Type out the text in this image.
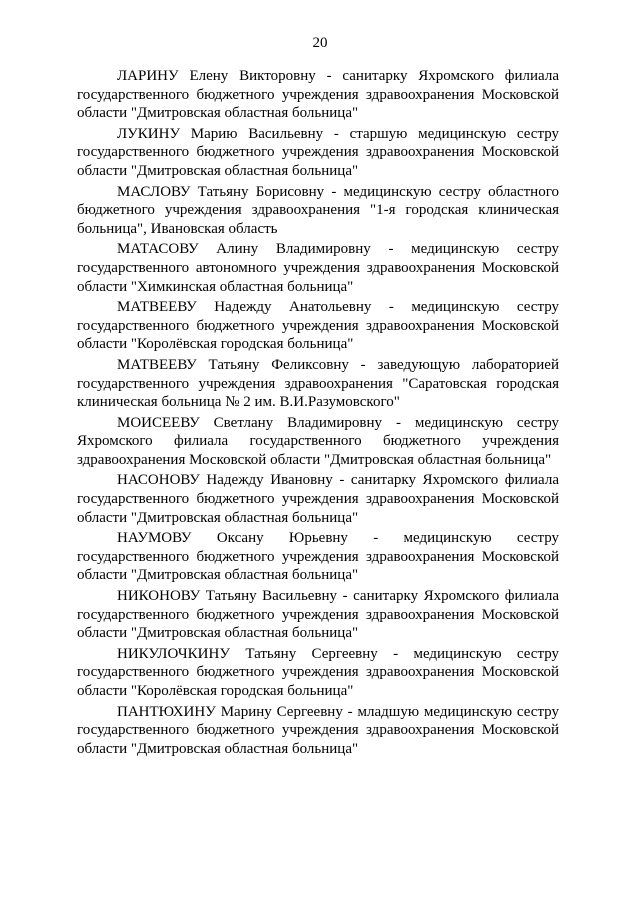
20

ЛАРИНУ Елену Викторовну - санитарку Яхромского филиала государственного бюджетного учреждения здравоохранения Московской области "Дмитровская областная больница"

ЛУКИНУ Марию Васильевну - старшую медицинскую сестру государственного бюджетного учреждения здравоохранения Московской области "Дмитровская областная больница"

МАСЛОВУ Татьяну Борисовну - медицинскую сестру областного бюджетного учреждения здравоохранения "1-я городская клиническая больница", Ивановская область

МАТАСОВУ Алину Владимировну - медицинскую сестру государственного автономного учреждения здравоохранения Московской области "Химкинская областная больница"

МАТВЕЕВУ Надежду Анатольевну - медицинскую сестру государственного бюджетного учреждения здравоохранения Московской области "Королёвская городская больница"

МАТВЕЕВУ Татьяну Феликсовну - заведующую лабораторией государственного учреждения здравоохранения "Саратовская городская клиническая больница № 2 им. В.И.Разумовского"

МОИСЕЕВУ Светлану Владимировну - медицинскую сестру Яхромского филиала государственного бюджетного учреждения здравоохранения Московской области "Дмитровская областная больница"

НАСОНОВУ Надежду Ивановну - санитарку Яхромского филиала государственного бюджетного учреждения здравоохранения Московской области "Дмитровская областная больница"

НАУМОВУ Оксану Юрьевну - медицинскую сестру государственного бюджетного учреждения здравоохранения Московской области "Дмитровская областная больница"

НИКОНОВУ Татьяну Васильевну - санитарку Яхромского филиала государственного бюджетного учреждения здравоохранения Московской области "Дмитровская областная больница"

НИКУЛОЧКИНУ Татьяну Сергеевну - медицинскую сестру государственного бюджетного учреждения здравоохранения Московской области "Королёвская городская больница"

ПАНТЮХИНУ Марину Сергеевну - младшую медицинскую сестру государственного бюджетного учреждения здравоохранения Московской области "Дмитровская областная больница"
